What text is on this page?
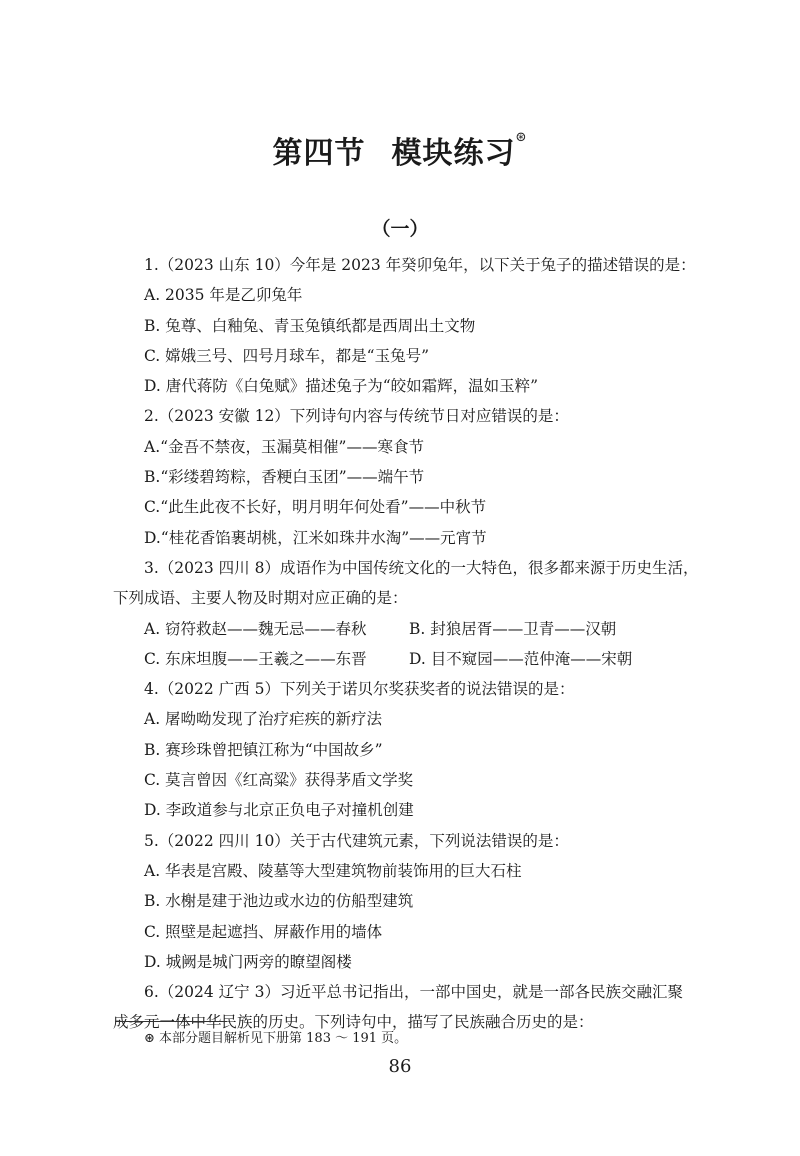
第四节 模块练习⊛
（一）

1.（2023 山东 10）今年是 2023 年癸卯兔年，以下关于兔子的描述错误的是：

A. 2035 年是乙卯兔年

B. 兔尊、白釉兔、青玉兔镇纸都是西周出土文物

C. 嫦娥三号、四号月球车，都是“玉兔号”

D. 唐代蒋防《白兔赋》描述兔子为“皎如霜辉，温如玉粹”

2.（2023 安徽 12）下列诗句内容与传统节日对应错误的是：

A.“金吾不禁夜，玉漏莫相催”——寒食节

B.“彩缕碧筠粽，香粳白玉团”——端午节

C.“此生此夜不长好，明月明年何处看”——中秋节

D.“桂花香馅裹胡桃，江米如珠井水淘”——元宵节

3.（2023 四川 8）成语作为中国传统文化的一大特色，很多都来源于历史生活，

下列成语、主要人物及时期对应正确的是：

A. 窃符救赵——魏无忌——春秋	B. 封狼居胥——卫青——汉朝
C. 东床坦腹——王羲之——东晋	D. 目不窥园——范仲淹——宋朝

4.（2022 广西 5）下列关于诺贝尔奖获奖者的说法错误的是：

A. 屠呦呦发现了治疗疟疾的新疗法

B. 赛珍珠曾把镇江称为“中国故乡”

C. 莫言曾因《红高粱》获得茅盾文学奖

D. 李政道参与北京正负电子对撞机创建

5.（2022 四川 10）关于古代建筑元素，下列说法错误的是：

A. 华表是宫殿、陵墓等大型建筑物前装饰用的巨大石柱

B. 水榭是建于池边或水边的仿船型建筑

C. 照壁是起遮挡、屏蔽作用的墙体

D. 城阙是城门两旁的瞭望阁楼

6.（2024 辽宁 3）习近平总书记指出，一部中国史，就是一部各民族交融汇聚

成多元一体中华民族的历史。下列诗句中，描写了民族融合历史的是：

⊛ 本部分题目解析见下册第 183 ～ 191 页。
86
